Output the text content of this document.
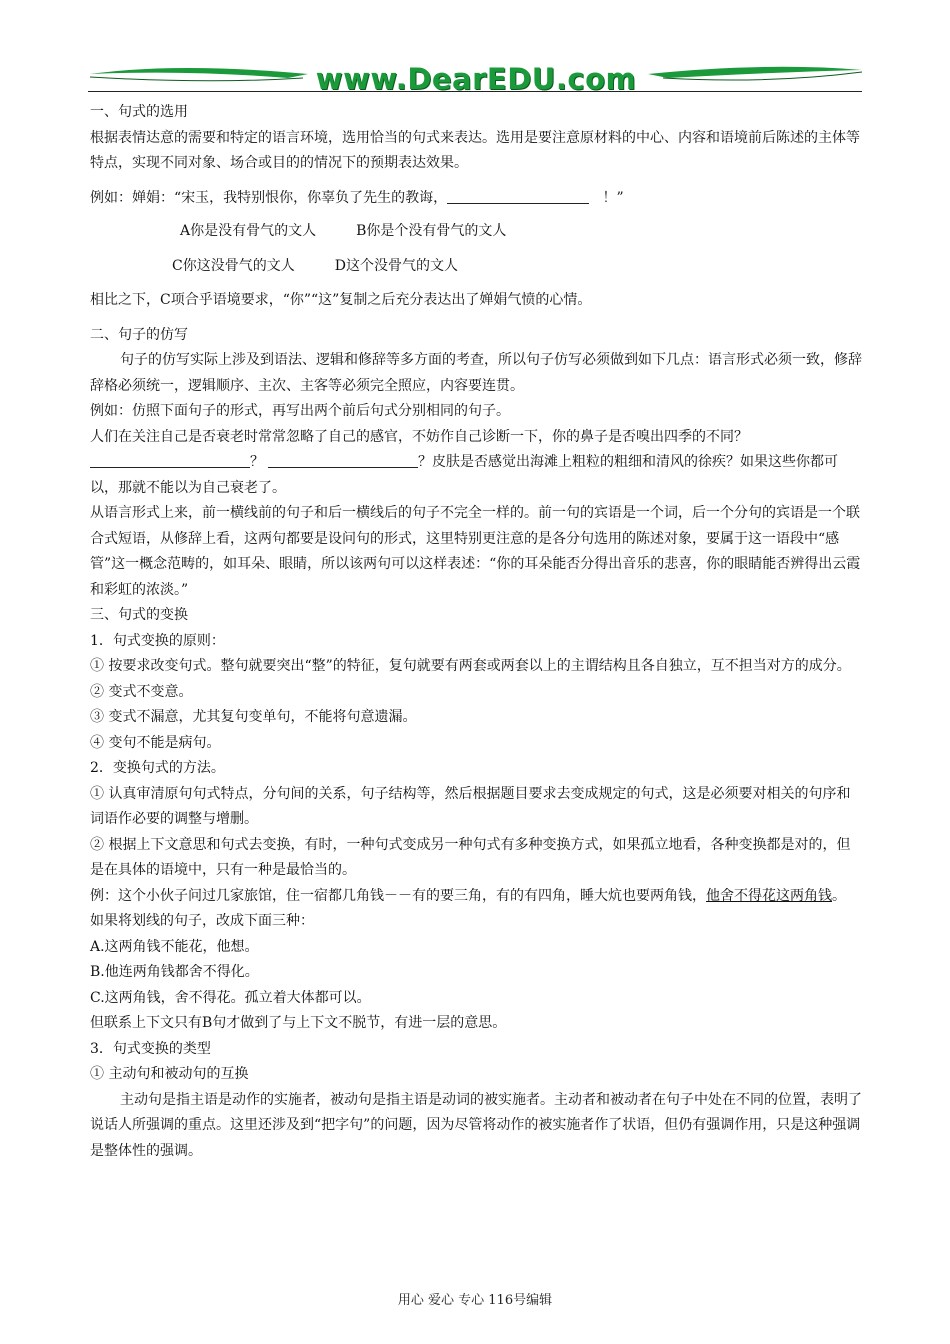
www.DearEDU.com

一、句式的选用

根据表情达意的需要和特定的语言环境，选用恰当的句式来表达。选用是要注意原材料的中心、内容和语境前后陈述的主体等特点，实现不同对象、场合或目的的情况下的预期表达效果。

例如：婵娟：“宋玉，我特别恨你，你辜负了先生的教诲，	！”

A你是没有骨气的文人	B你是个没有骨气的文人

C你这没骨气的文人	D这个没骨气的文人

相比之下，C项合乎语境要求，“你”“这”复制之后充分表达出了婵娟气愤的心情。

二、句子的仿写

句子的仿写实际上涉及到语法、逻辑和修辞等多方面的考查，所以句子仿写必须做到如下几点：语言形式必须一致，修辞辞格必须统一，逻辑顺序、主次、主客等必须完全照应，内容要连贯。

例如：仿照下面句子的形式，再写出两个前后句式分别相同的句子。

人们在关注自己是否衰老时常常忽略了自己的感官，不妨作自己诊断一下，你的鼻子是否嗅出四季的不同？

？	？皮肤是否感觉出海滩上粗粒的粗细和清风的徐疾？如果这些你都可以，那就不能以为自己衰老了。

从语言形式上来，前一横线前的句子和后一横线后的句子不完全一样的。前一句的宾语是一个词，后一个分句的宾语是一个联合式短语，从修辞上看，这两句都要是设问句的形式，这里特别更注意的是各分句选用的陈述对象，要属于这一语段中“感管”这一概念范畴的，如耳朵、眼睛，所以该两句可以这样表述：“你的耳朵能否分得出音乐的悲喜，你的眼睛能否辨得出云霞和彩虹的浓淡。”

三、句式的变换

1．句式变换的原则：

① 按要求改变句式。整句就要突出“整”的特征，复句就要有两套或两套以上的主谓结构且各自独立，互不担当对方的成分。

② 变式不变意。

③ 变式不漏意，尤其复句变单句，不能将句意遗漏。

④ 变句不能是病句。

2．变换句式的方法。

① 认真审清原句句式特点，分句间的关系，句子结构等，然后根据题目要求去变成规定的句式，这是必须要对相关的句序和词语作必要的调整与增删。

② 根据上下文意思和句式去变换，有时，一种句式变成另一种句式有多种变换方式，如果孤立地看，各种变换都是对的，但是在具体的语境中，只有一种是最恰当的。

例：这个小伙子问过几家旅馆，住一宿都几角钱－－有的要三角，有的有四角，睡大炕也要两角钱，他舍不得花这两角钱。

如果将划线的句子，改成下面三种：

A.这两角钱不能花，他想。

B.他连两角钱都舍不得化。

C.这两角钱，舍不得花。孤立着大体都可以。

但联系上下文只有B句才做到了与上下文不脱节，有进一层的意思。

3．句式变换的类型

① 主动句和被动句的互换

主动句是指主语是动作的实施者，被动句是指主语是动词的被实施者。主动者和被动者在句子中处在不同的位置，表明了说话人所强调的重点。这里还涉及到“把字句”的问题，因为尽管将动作的被实施者作了状语，但仍有强调作用，只是这种强调是整体性的强调。

用心 爱心 专心 116号编辑
